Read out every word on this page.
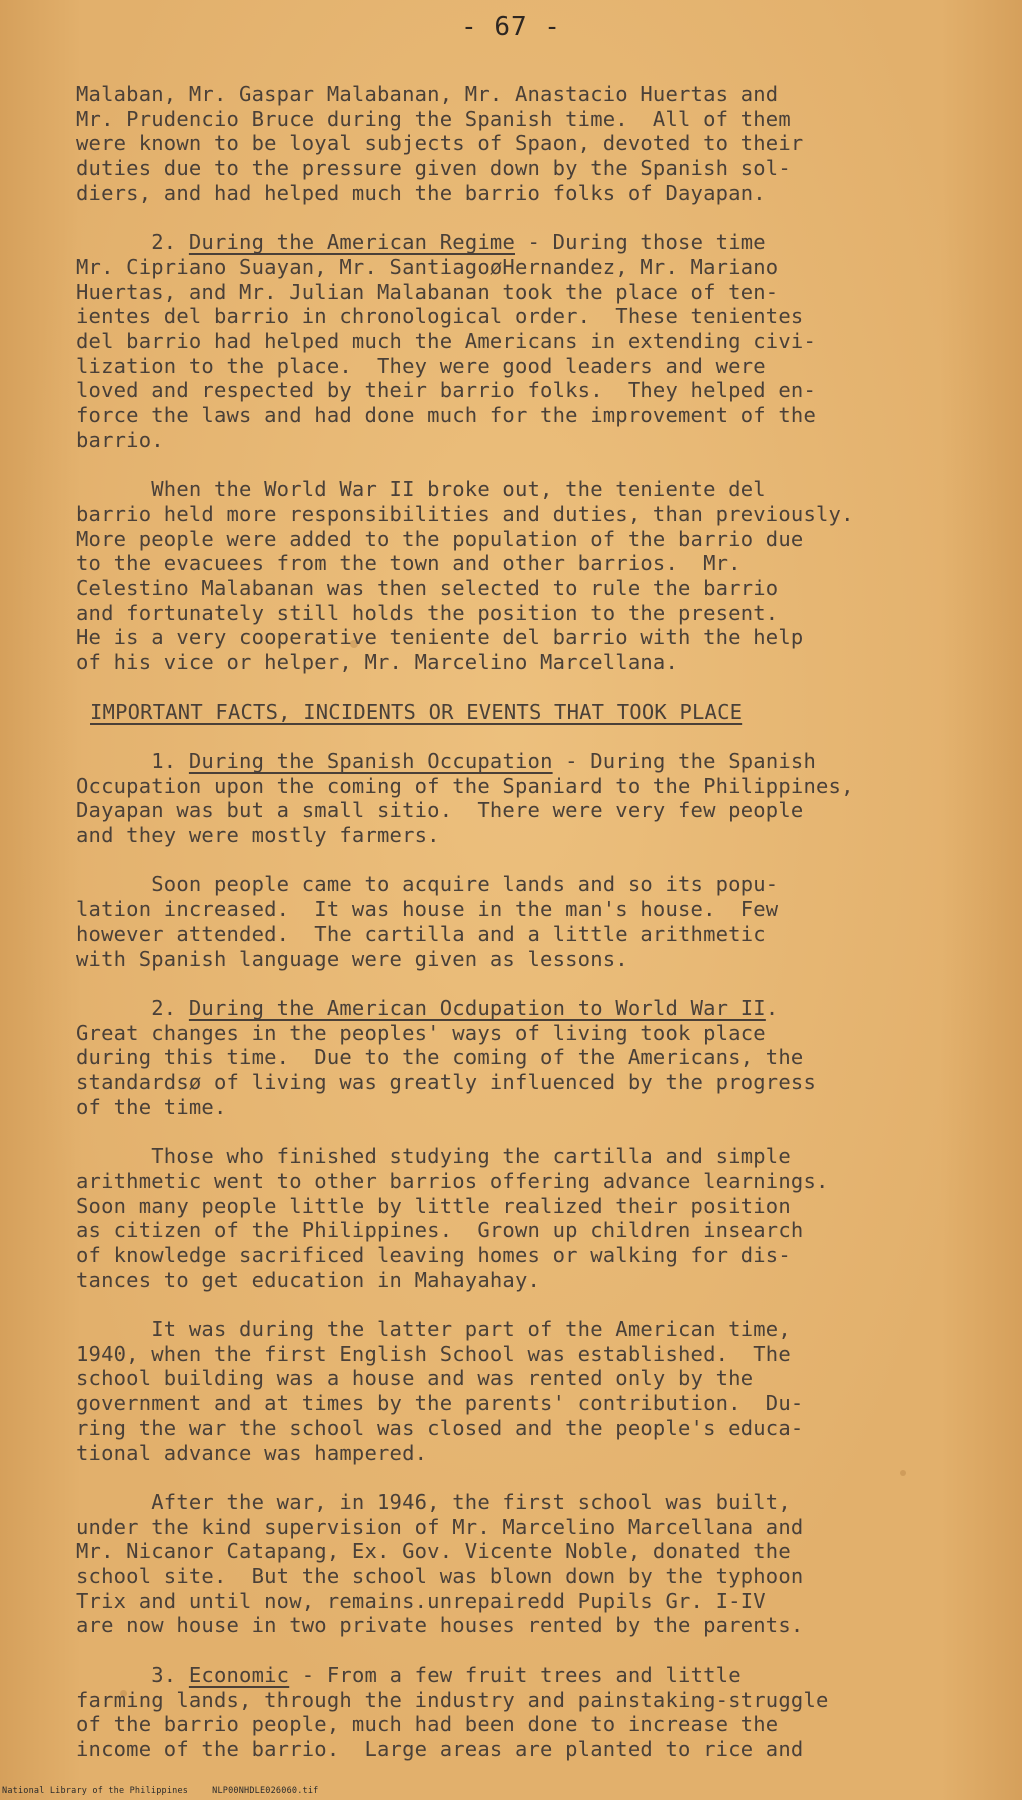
- 67 -
Malaban, Mr. Gaspar Malabanan, Mr. Anastacio Huertas and
Mr. Prudencio Bruce during the Spanish time.  All of them
were known to be loyal subjects of Spaon, devoted to their
duties due to the pressure given down by the Spanish sol-
diers, and had helped much the barrio folks of Dayapan.
2. During the American Regime - During those time
Mr. Cipriano Suayan, Mr. SantiagoøHernandez, Mr. Mariano
Huertas, and Mr. Julian Malabanan took the place of ten-
ientes del barrio in chronological order.  These tenientes
del barrio had helped much the Americans in extending civi-
lization to the place.  They were good leaders and were
loved and respected by their barrio folks.  They helped en-
force the laws and had done much for the improvement of the
barrio.
When the World War II broke out, the teniente del
barrio held more responsibilities and duties, than previously.
More people were added to the population of the barrio due
to the evacuees from the town and other barrios.  Mr.
Celestino Malabanan was then selected to rule the barrio
and fortunately still holds the position to the present.
He is a very cooperative teniente del barrio with the help
of his vice or helper, Mr. Marcelino Marcellana.
IMPORTANT FACTS, INCIDENTS OR EVENTS THAT TOOK PLACE
1. During the Spanish Occupation - During the Spanish
Occupation upon the coming of the Spaniard to the Philippines,
Dayapan was but a small sitio.  There were very few people
and they were mostly farmers.
Soon people came to acquire lands and so its popu-
lation increased.  It was house in the man's house.  Few
however attended.  The cartilla and a little arithmetic
with Spanish language were given as lessons.
2. During the American Ocdupation to World War II.
Great changes in the peoples' ways of living took place
during this time.  Due to the coming of the Americans, the
standardsø of living was greatly influenced by the progress
of the time.
Those who finished studying the cartilla and simple
arithmetic went to other barrios offering advance learnings.
Soon many people little by little realized their position
as citizen of the Philippines.  Grown up children insearch
of knowledge sacrificed leaving homes or walking for dis-
tances to get education in Mahayahay.
It was during the latter part of the American time,
1940, when the first English School was established.  The
school building was a house and was rented only by the
government and at times by the parents' contribution.  Du-
ring the war the school was closed and the people's educa-
tional advance was hampered.
After the war, in 1946, the first school was built,
under the kind supervision of Mr. Marcelino Marcellana and
Mr. Nicanor Catapang, Ex. Gov. Vicente Noble, donated the
school site.  But the school was blown down by the typhoon
Trix and until now, remains.unrepairedd Pupils Gr. I-IV
are now house in two private houses rented by the parents.
3. Economic - From a few fruit trees and little
farming lands, through the industry and painstaking-struggle
of the barrio people, much had been done to increase the
income of the barrio.  Large areas are planted to rice and
National Library of the Philippines	NLP00NHDLE026060.tif
